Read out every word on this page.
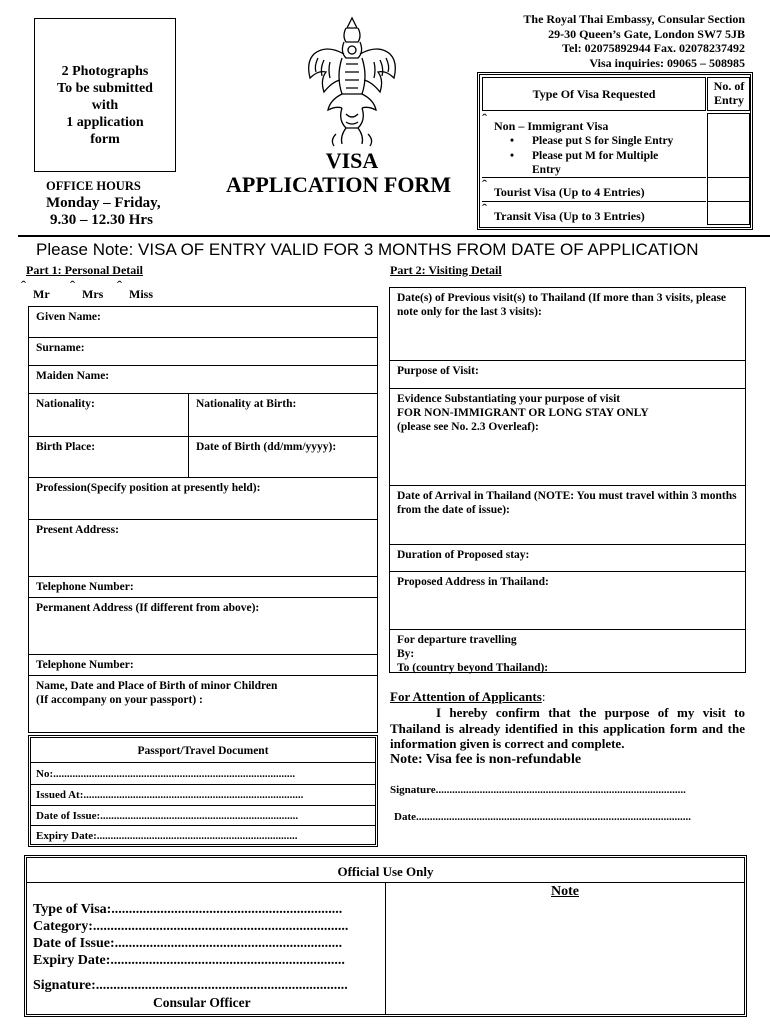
2 Photographs
To be submitted
with
1 application
form
OFFICE HOURS
Monday – Friday,
9.30 – 12.30 Hrs
VISA
APPLICATION FORM
The Royal Thai Embassy, Consular Section
29-30 Queen’s Gate, London SW7 5JB
Tel: 02075892944 Fax. 02078237492
Visa inquiries: 09065 – 508985
Type Of Visa Requested
No. of Entry
ˆ Non – Immigrant Visa
• Please put S for Single Entry
• Please put M for Multiple Entry
ˆ Tourist Visa (Up to 4 Entries)
ˆ Transit Visa (Up to 3 Entries)
Please Note: VISA OF ENTRY VALID FOR 3 MONTHS FROM DATE OF APPLICATION
Part 1: Personal Detail
ˆ Mr ˆ Mrs ˆ Miss
Given Name:
Surname:
Maiden Name:
Nationality:	Nationality at Birth:
Birth Place:	Date of Birth (dd/mm/yyyy):
Profession(Specify position at presently held):
Present Address:
Telephone Number:
Permanent Address (If different from above):
Telephone Number:
Name, Date and Place of Birth of minor Children
(If accompany on your passport) :
Passport/Travel Document
No:........................................................................................
Issued At:................................................................................
Date of Issue:........................................................................
Expiry Date:.........................................................................
Part 2: Visiting Detail
Date(s) of Previous visit(s) to Thailand (If more than 3 visits, please note only for the last 3 visits):
Purpose of Visit:
Evidence Substantiating your purpose of visit
FOR NON-IMMIGRANT OR LONG STAY ONLY
(please see No. 2.3 Overleaf):
Date of Arrival in Thailand (NOTE: You must travel within 3 months from the date of issue):
Duration of Proposed stay:
Proposed Address in Thailand:
For departure travelling
By:
To (country beyond Thailand):
For Attention of Applicants:
I hereby confirm that the purpose of my visit to Thailand is already identified in this application form and the information given is correct and complete.
Note: Visa fee is non-refundable
Signature...........................................................................................
Date....................................................................................................
Official Use Only
Note
Type of Visa:..................................................................
Category:.........................................................................
Date of Issue:.................................................................
Expiry Date:...................................................................
Signature:........................................................................
Consular Officer
